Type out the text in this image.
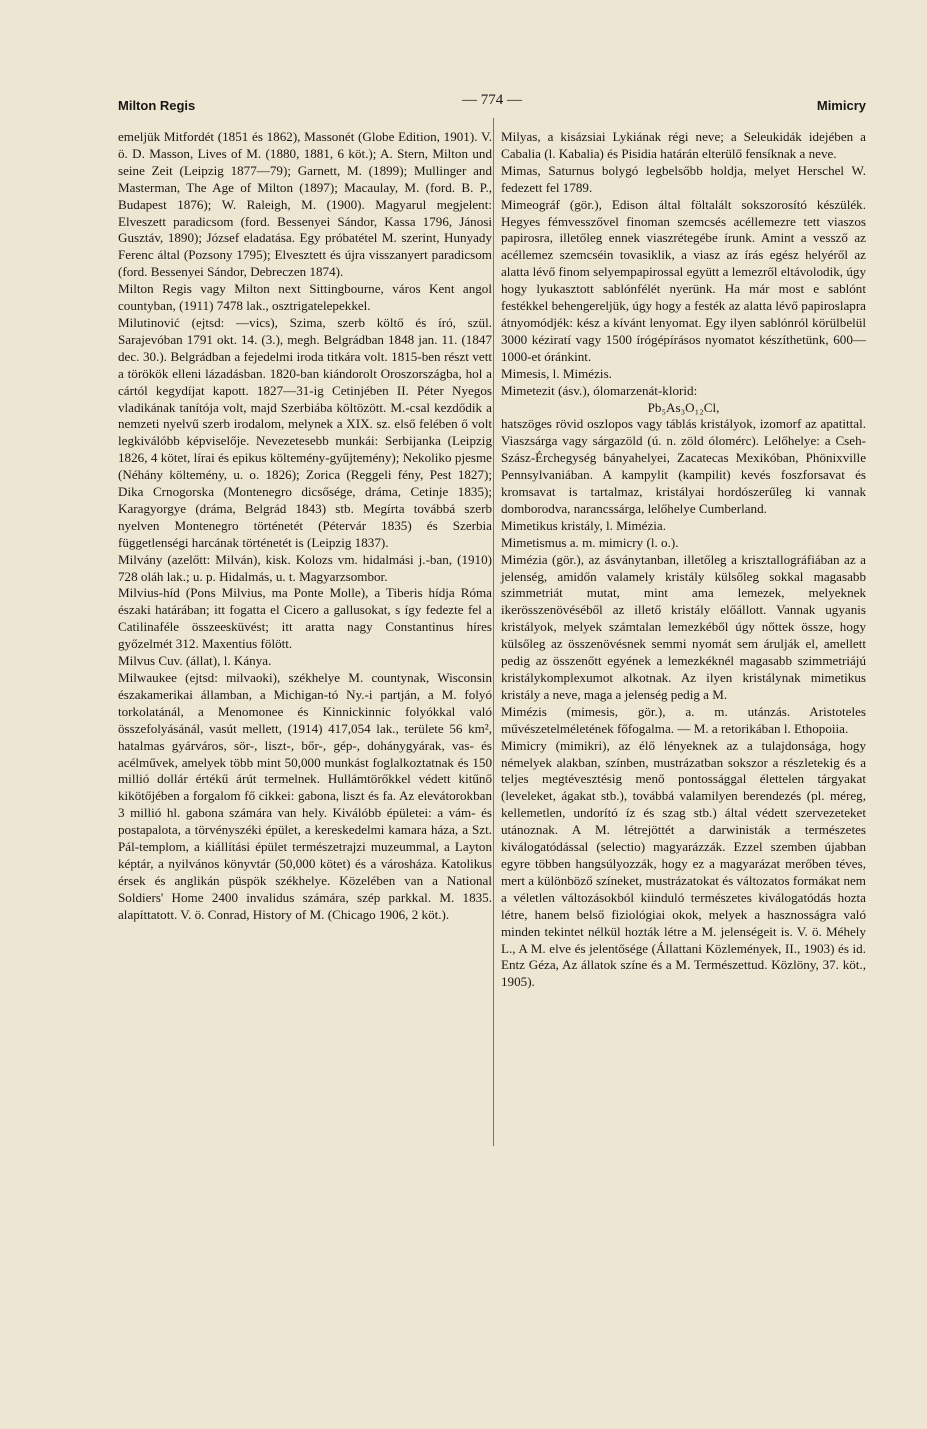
Milton Regis	— 774 —	Mimicry

emeljük Mitfordét (1851 és 1862), Massonét (Globe Edition, 1901). V. ö. D. Masson, Lives of M. (1880, 1881, 6 köt.); A. Stern, Milton und seine Zeit (Leipzig 1877—79); Garnett, M. (1899); Mullinger and Masterman, The Age of Milton (1897); Macaulay, M. (ford. B. P., Budapest 1876); W. Raleigh, M. (1900). Magyarul megjelent: Elveszett paradicsom (ford. Bessenyei Sándor, Kassa 1796, Jánosi Gusztáv, 1890); József eladatása. Egy próbatétel M. szerint, Hunyady Ferenc által (Pozsony 1795); Elvesztett és újra visszanyert paradicsom (ford. Bessenyei Sándor, Debreczen 1874).

Milton Regis vagy Milton next Sittingbourne, város Kent angol countyban, (1911) 7478 lak., osztrigatelepekkel.

Milutinović (ejtsd: —vics), Szima, szerb költő és író, szül. Sarajevóban 1791 okt. 14. (3.), megh. Belgrádban 1848 jan. 11. (1847 dec. 30.). Belgrádban a fejedelmi iroda titkára volt. 1815-ben részt vett a törökök elleni lázadásban. 1820-ban kiándorolt Oroszországba, hol a cártól kegydíjat kapott. 1827—31-ig Cetinjében II. Péter Nyegos vladikának tanítója volt, majd Szerbiába költözött. M.-csal kezdődik a nemzeti nyelvű szerb irodalom, melynek a XIX. sz. első felében ő volt legkiválóbb képviselője. Nevezetesebb munkái: Serbijanka (Leipzig 1826, 4 kötet, lírai és epikus költemény-gyűjtemény); Nekoliko pjesme (Néhány költemény, u. o. 1826); Zorica (Reggeli fény, Pest 1827); Dika Crnogorska (Montenegro dicsősége, dráma, Cetinje 1835); Karagyorgye (dráma, Belgrád 1843) stb. Megírta továbbá szerb nyelven Montenegro történetét (Pétervár 1835) és Szerbia függetlenségi harcának történetét is (Leipzig 1837).

Milvány (azelőtt: Milván), kisk. Kolozs vm. hidalmási j.-ban, (1910) 728 oláh lak.; u. p. Hidalmás, u. t. Magyarzsombor.

Milvius-híd (Pons Milvius, ma Ponte Molle), a Tiberis hídja Róma északi határában; itt fogatta el Cicero a gallusokat, s így fedezte fel a Catilinaféle összeesküvést; itt aratta nagy Constantinus híres győzelmét 312. Maxentius fölött.

Milvus Cuv. (állat), l. Kánya.

Milwaukee (ejtsd: milvaoki), székhelye M. countynak, Wisconsin északamerikai államban, a Michigan-tó Ny.-i partján, a M. folyó torkolatánál, a Menomonee és Kinnickinnic folyókkal való összefolyásánál, vasút mellett, (1914) 417,054 lak., területe 56 km², hatalmas gyárváros, sör-, liszt-, bőr-, gép-, dohánygyárak, vas- és acélművek, amelyek több mint 50,000 munkást foglalkoztatnak és 150 millió dollár értékű árút termelnek. Hullámtörőkkel védett kitűnő kikötőjében a forgalom fő cikkei: gabona, liszt és fa. Az elevátorokban 3 millió hl. gabona számára van hely. Kiválóbb épületei: a vám- és postapalota, a törvényszéki épület, a kereskedelmi kamara háza, a Szt. Pál-templom, a kiállítási épület természetrajzi muzeummal, a Layton képtár, a nyilvános könyvtár (50,000 kötet) és a városháza. Katolikus érsek és anglikán püspök székhelye. Közelében van a National Soldiers' Home 2400 invalidus számára, szép parkkal. M. 1835. alapíttatott. V. ö. Conrad, History of M. (Chicago 1906, 2 köt.).

Milyas, a kisázsiai Lykiának régi neve; a Seleukidák idejében a Cabalia (l. Kabalia) és Pisidia határán elterülő fensíknak a neve.

Mimas, Saturnus bolygó legbelsőbb holdja, melyet Herschel W. fedezett fel 1789.

Mimeográf (gör.), Edison által föltalált sokszorosító készülék. Hegyes fémvesszővel finoman szemcsés acéllemezre tett viaszos papirosra, illetőleg ennek viaszrétegébe írunk. Amint a vessző az acéllemez szemcséin tovasiklik, a viasz az írás egész helyéről az alatta lévő finom selyempapirossal együtt a lemezről eltávolodik, úgy hogy lyukasztott sablónfélét nyerünk. Ha már most e sablónt festékkel behengereljük, úgy hogy a festék az alatta lévő papiroslapra átnyomódjék: kész a kívánt lenyomat. Egy ilyen sablónról körülbelül 3000 kéziratí vagy 1500 írógépírásos nyomatot készíthetünk, 600—1000-et óránkint.

Mimesis, l. Mimézis.

Mimetezit (ásv.), ólomarzenát-klorid:

Pb₅As₃O₁₂Cl,

hatszöges rövid oszlopos vagy táblás kristályok, izomorf az apatittal. Viaszsárga vagy sárgazöld (ú. n. zöld ólomérc). Lelőhelye: a Cseh-Szász-Érchegység bányahelyei, Zacatecas Mexikóban, Phönixville Pennsylvaniában. A kampylit (kampilit) kevés foszforsavat és kromsavat is tartalmaz, kristályai hordószerűleg ki vannak domborodva, narancssárga, lelőhelye Cumberland.

Mimetikus kristály, l. Mimézia.

Mimetismus a. m. mimicry (l. o.).

Mimézia (gör.), az ásványtanban, illetőleg a krisztallográfiában az a jelenség, amidőn valamely kristály külsőleg sokkal magasabb szimmetriát mutat, mint ama lemezek, melyeknek ikerösszenövéséből az illető kristály előállott. Vannak ugyanis kristályok, melyek számtalan lemezkéből úgy nőttek össze, hogy külsőleg az összenövésnek semmi nyomát sem árulják el, amellett pedig az összenőtt egyének a lemezkéknél magasabb szimmetriájú kristálykomplexumot alkotnak. Az ilyen kristálynak mimetikus kristály a neve, maga a jelenség pedig a M.

Mimézis (mimesis, gör.), a. m. utánzás. Aristoteles művészetelméletének főfogalma. — M. a retorikában l. Ethopoiia.

Mimicry (mimikri), az élő lényeknek az a tulajdonsága, hogy némelyek alakban, színben, mustrázatban sokszor a részletekig és a teljes megtévesztésig menő pontossággal élettelen tárgyakat (leveleket, ágakat stb.), továbbá valamilyen berendezés (pl. méreg, kellemetlen, undorító íz és szag stb.) által védett szervezeteket utánoznak. A M. létrejöttét a darwinisták a természetes kiválogatódással (selectio) magyarázzák. Ezzel szemben újabban egyre többen hangsúlyozzák, hogy ez a magyarázat merőben téves, mert a különböző színeket, mustrázatokat és változatos formákat nem a véletlen változásokból kiinduló természetes kiválogatódás hozta létre, hanem belső fiziológiai okok, melyek a hasznosságra való minden tekintet nélkül hozták létre a M. jelenségeit is. V. ö. Méhely L., A M. elve és jelentősége (Állattani Közlemények, II., 1903) és id. Entz Géza, Az állatok színe és a M. Természettud. Közlöny, 37. köt., 1905).
